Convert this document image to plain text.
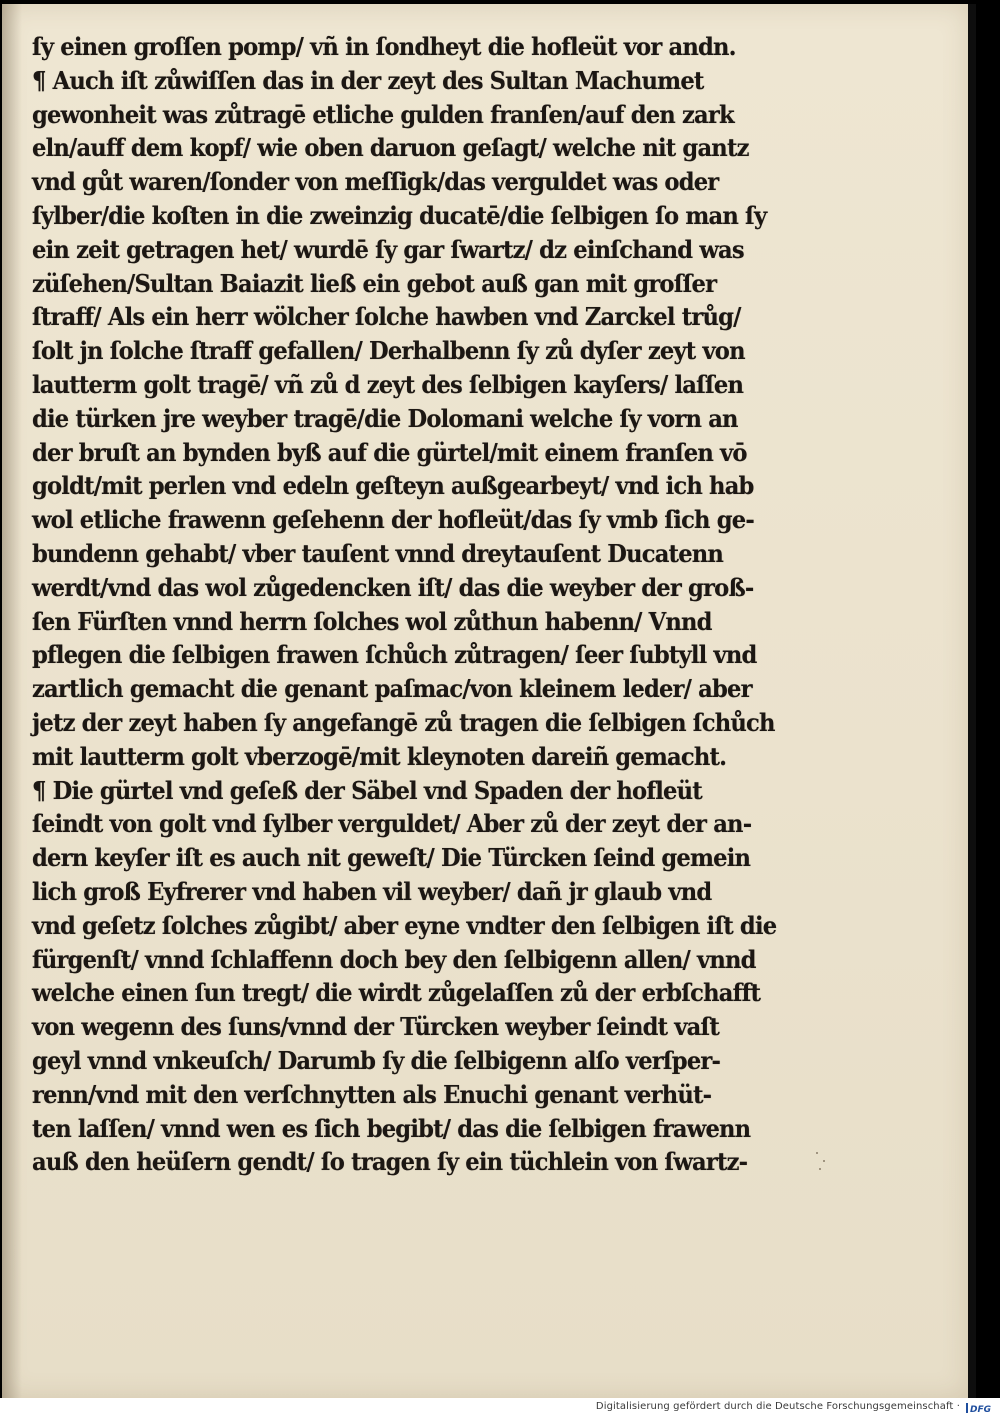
ſy einen groſſen pomp/ vñ in ſondheyt die hofleüt vor andn.
¶ Auch iſt zůwiſſen das in der zeyt des Sultan Machumet
gewonheit was zůtragē etliche gulden franſen/auf den zark
eln/auff dem kopf/ wie oben daruon geſagt/ welche nit gantz
vnd gůt waren/ſonder von meſſigk/das verguldet was oder
ſylber/die koſten in die zweinzig ducatē/die ſelbigen ſo man ſy
ein zeit getragen het/ wurdē ſy gar ſwartz/ dz einſchand was
züſehen/Sultan Baiazit ließ ein gebot auß gan mit groſſer
ſtraff/ Als ein herr wölcher ſolche hawben vnd Zarckel trůg/
ſolt jn ſolche ſtraff gefallen/ Derhalbenn ſy zů dyſer zeyt von
lautterm golt tragē/ vñ zů d zeyt des ſelbigen kayſers/ laſſen
die türken jre weyber tragē/die Dolomani welche ſy vorn an
der bruſt an bynden byß auf die gürtel/mit einem franſen vō
goldt/mit perlen vnd edeln geſteyn außgearbeyt/ vnd ich hab
wol etliche frawenn geſehenn der hofleüt/das ſy vmb ſich ge-
bundenn gehabt/ vber tauſent vnnd dreytauſent Ducatenn
werdt/vnd das wol zůgedencken iſt/ das die weyber der groß-
ſen Fürſten vnnd herrn ſolches wol zůthun habenn/ Vnnd
pflegen die ſelbigen frawen ſchůch zůtragen/ ſeer ſubtyll vnd
zartlich gemacht die genant paſmac/von kleinem leder/ aber
jetz der zeyt haben ſy angefangē zů tragen die ſelbigen ſchůch
mit lautterm golt vberzogē/mit kleynoten dareiñ gemacht.
¶ Die gürtel vnd geſeß der Säbel vnd Spaden der hofleüt
ſeindt von golt vnd ſylber verguldet/ Aber zů der zeyt der an-
dern keyſer iſt es auch nit geweſt/ Die Türcken ſeind gemein
lich groß Eyfrerer vnd haben vil weyber/ dañ jr glaub vnd
vnd geſetz ſolches zůgibt/ aber eyne vndter den ſelbigen iſt die
fürgenſt/ vnnd ſchlaffenn doch bey den ſelbigenn allen/ vnnd
welche einen ſun tregt/ die wirdt zůgelaſſen zů der erbſchafft
von wegenn des ſuns/vnnd der Türcken weyber ſeindt vaſt
geyl vnnd vnkeuſch/ Darumb ſy die ſelbigenn alſo verſper-
renn/vnd mit den verſchnytten als Enuchi genant verhüt-
ten laſſen/ vnnd wen es ſich begibt/ das die ſelbigen frawenn
auß den heüſern gendt/ ſo tragen ſy ein tüchlein von ſwartz-
Digitalisierung gefördert durch die Deutsche Forschungsgemeinschaft · DFG
